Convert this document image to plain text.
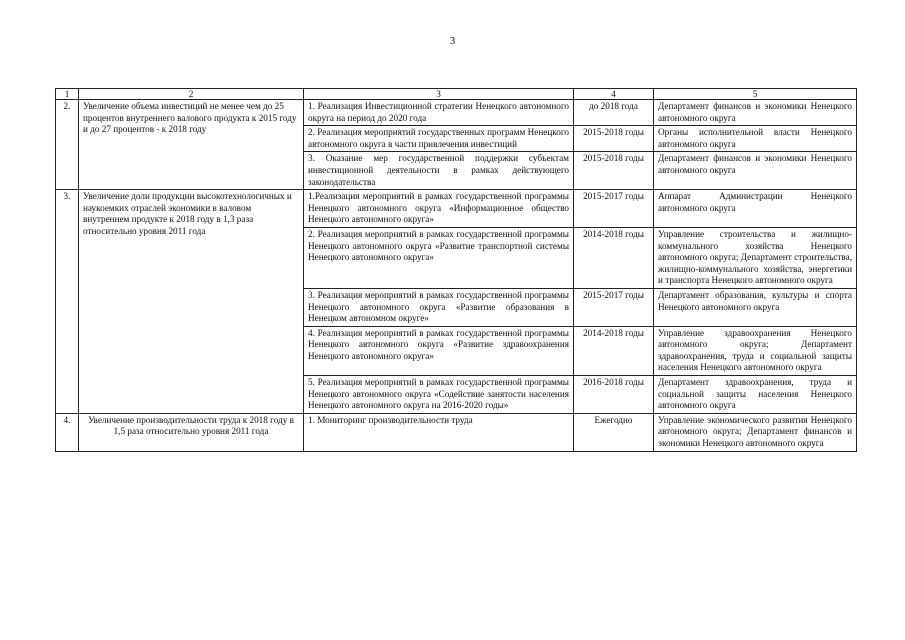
3
1	2	3	4	5
2.	Увеличение объема инвестиций не менее чем до 25 процентов внутреннего валового продукта к 2015 году и до 27 процентов - к 2018 году	1. Реализация Инвестиционной стратегии Ненецкого автономного округа на период до 2020 года	до 2018 года	Департамент финансов и экономики Ненецкого автономного округа
		2. Реализация мероприятий государственных программ Ненецкого автономного округа в части привлечения инвестиций	2015-2018 годы	Органы исполнительной власти Ненецкого автономного округа
		3. Оказание мер государственной поддержки субъектам инвестиционной деятельности в рамках действующего законодательства	2015-2018 годы	Департамент финансов и экономики Ненецкого автономного округа
3.	Увеличение доли продукции высокотехнологичных и наукоемких отраслей экономики в валовом внутреннем продукте к 2018 году в 1,3 раза относительно уровня 2011 года	1.Реализация мероприятий в рамках государственной программы Ненецкого автономного округа «Информационное общество Ненецкого автономного округа»	2015-2017 годы	Аппарат Администрации Ненецкого автономного округа
		2. Реализация мероприятий в рамках государственной программы Ненецкого автономного округа «Развитие транспортной системы Ненецкого автономного округа»	2014-2018 годы	Управление строительства и жилищно-коммунального хозяйства Ненецкого автономного округа; Департамент строительства, жилищно-коммунального хозяйства, энергетики и транспорта Ненецкого автономного округа
		3. Реализация мероприятий в рамках государственной программы Ненецкого автономного округа «Развитие образования в Ненецком автономном округе»	2015-2017 годы	Департамент образования, культуры и спорта Ненецкого автономного округа
		4. Реализация мероприятий в рамках государственной программы Ненецкого автономного округа «Развитие здравоохранения Ненецкого автономного округа»	2014-2018 годы	Управление здравоохранения Ненецкого автономного округа; Департамент здравоохранения, труда и социальной защиты населения Ненецкого автономного округа
		5. Реализация мероприятий в рамках государственной программы Ненецкого автономного округа «Содействие занятости населения Ненецкого автономного округа на 2016-2020 годы»	2016-2018 годы	Департамент здравоохранения, труда и социальной защиты населения Ненецкого автономного округа
4.	Увеличение производительности труда к 2018 году в 1,5 раза относительно уровня 2011 года	1. Мониторинг производительности труда	Ежегодно	Управление экономического развития Ненецкого автономного округа; Департамент финансов и экономики Ненецкого автономного округа
